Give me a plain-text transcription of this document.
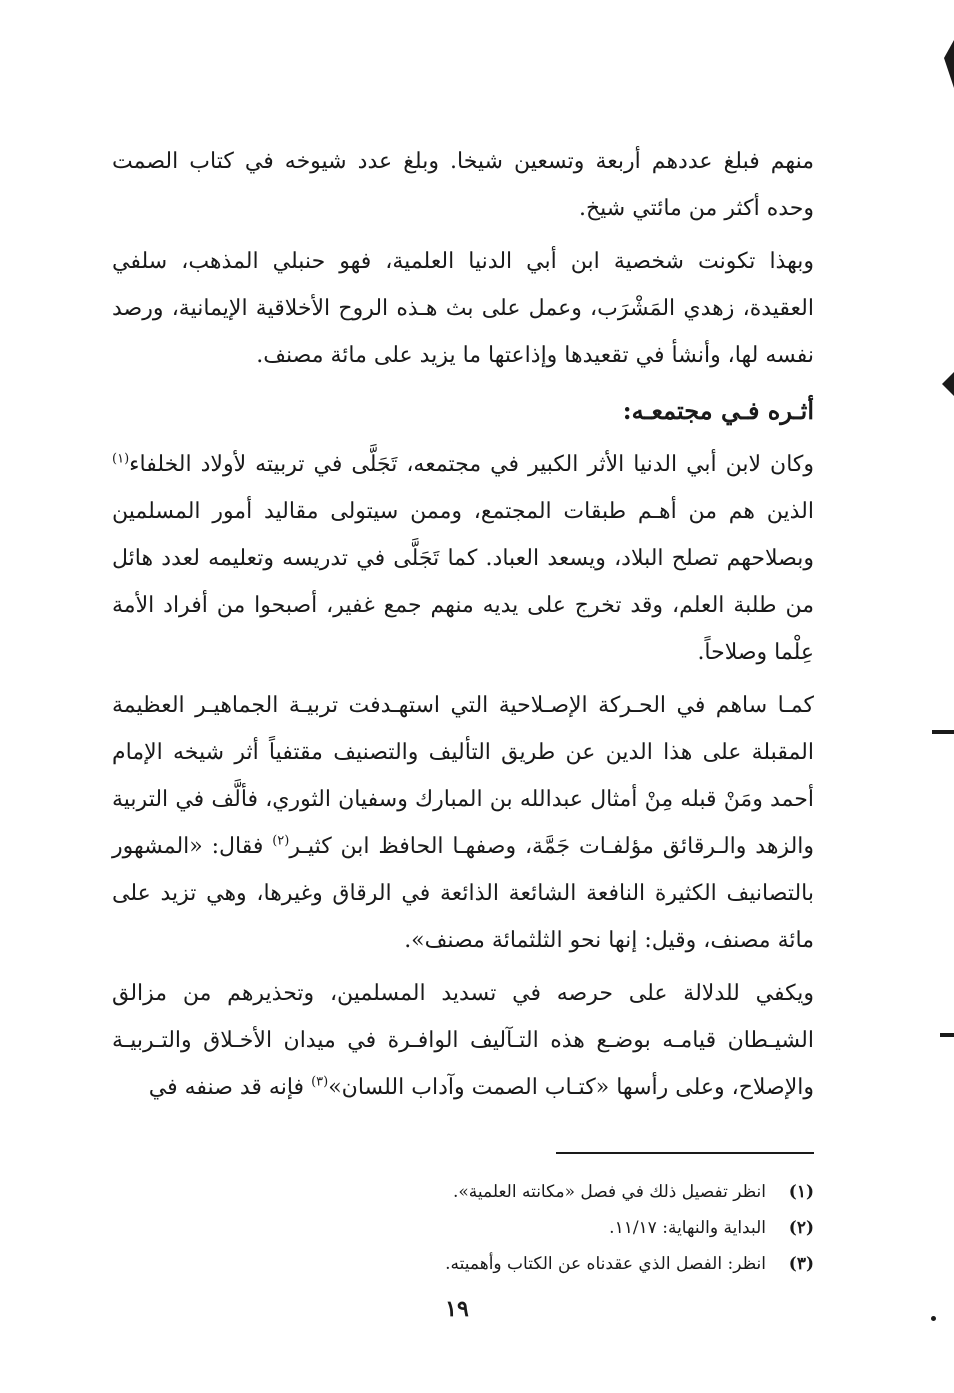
منهم فبلغ عددهم أربعة وتسعين شيخا. وبلغ عدد شيوخه في كتاب الصمت وحده أكثر من مائتي شيخ.

وبهذا تكونت شخصية ابن أبي الدنيا العلمية، فهو حنبلي المذهب، سلفي العقيدة، زهدي المَشْرَب، وعمل على بث هـذه الروح الأخلاقية الإيمانية، ورصد نفسه لها، وأنشأ في تقعيدها وإذاعتها ما يزيد على مائة مصنف.

أثـره فـي مجتمعـه:

وكان لابن أبي الدنيا الأثر الكبير في مجتمعه، تَجَلَّى في تربيته لأولاد الخلفاء$^{(١)}$ الذين هم من أهـم طبقات المجتمع، وممن سيتولى مقاليد أمور المسلمين وبصلاحهم تصلح البلاد، ويسعد العباد. كما تَجَلَّى في تدريسه وتعليمه لعدد هائل من طلبة العلم، وقد تخرج على يديه منهم جمع غفير، أصبحوا من أفراد الأمة عِلْما وصلاحاً.

كمـا ساهم في الحـركة الإصـلاحية التي استهـدفت تربيـة الجماهيـر العظيمة المقبلة على هذا الدين عن طريق التأليف والتصنيف مقتفياً أثر شيخه الإمام أحمد ومَنْ قبله مِنْ أمثال عبدالله بن المبارك وسفيان الثوري، فألَّف في التربية والزهد والـرقائق مؤلفـات جَمَّة، وصفهـا الحافظ ابن كثيـر$^{(٢)}$ فقال: «المشهور بالتصانيف الكثيرة النافعة الشائعة الذائعة في الرقاق وغيرها، وهي تزيد على مائة مصنف، وقيل: إنها نحو الثلثمائة مصنف».

ويكفي للدلالة على حرصه في تسديد المسلمين، وتحذيرهم من مزالق الشيـطان قيامـه بوضـع هذه التـآليف الوافـرة في ميدان الأخـلاق والتـربيـة والإصلاح، وعلى رأسها «كتـاب الصمت وآداب اللسان»$^{(٣)}$ فإنه قد صنفه في

(١)
انظر تفصيل ذلك في فصل «مكانته العلمية».
(٢)
البداية والنهاية: ١١/١٧.
(٣)
انظر: الفصل الذي عقدناه عن الكتاب وأهميته.
١٩
